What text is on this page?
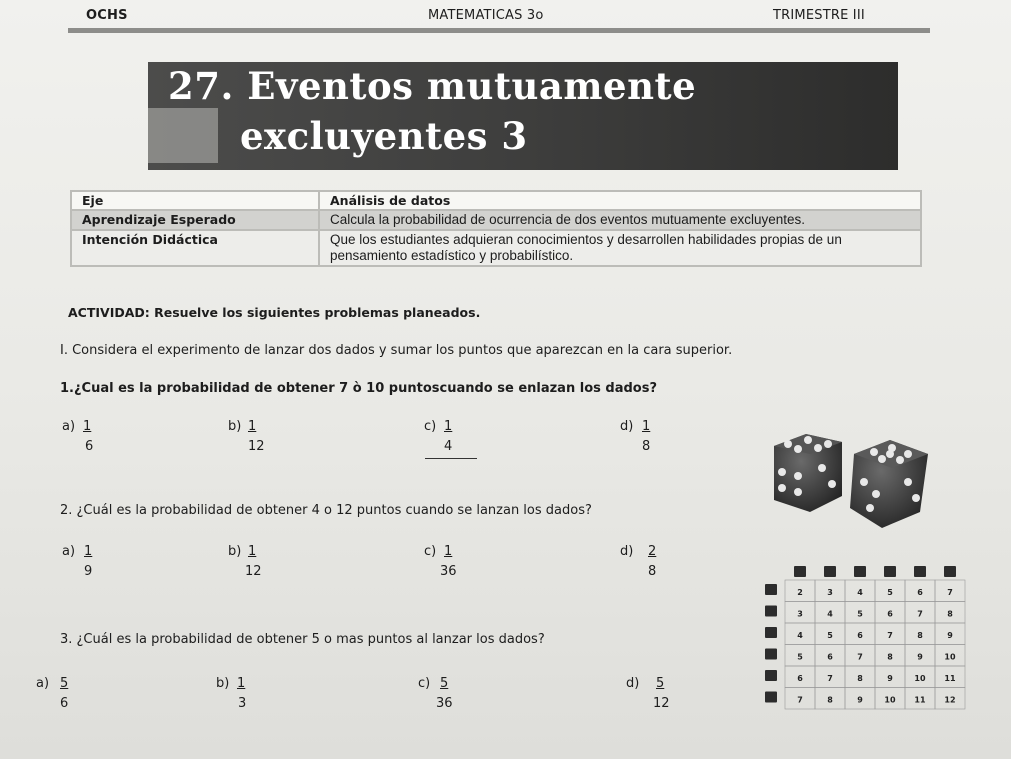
OCHS	MATEMATICAS 3o	TRIMESTRE III
27. Eventos mutuamente
excluyentes 3
Eje	Análisis de datos
Aprendizaje Esperado	Calcula la probabilidad de ocurrencia de dos eventos mutuamente excluyentes.
Intención Didáctica	Que los estudiantes adquieran conocimientos y desarrollen habilidades propias de un pensamiento estadístico y probabilístico.
ACTIVIDAD: Resuelve los siguientes problemas planeados.
I. Considera el experimento de lanzar dos dados y sumar los puntos que aparezcan en la cara superior.
1.¿Cual es la probabilidad de obtener 7 ò 10 puntoscuando se enlazan los dados?
a) 1
6
b) 1
12
c) 1
4
d) 1
8
2. ¿Cuál es la probabilidad de obtener 4 o 12 puntos cuando se lanzan los dados?
a) 1
9
b) 1
12
c) 1
36
d) 2
8
3. ¿Cuál es la probabilidad de obtener 5 o mas puntos al lanzar los dados?
a) 5
6
b) 1
3
c) 5
36
d) 5
12
2	3	4	5	6	7
3	4	5	6	7	8
4	5	6	7	8	9
5	6	7	8	9	10
6	7	8	9	10 11
7	8	9	10 11 12
